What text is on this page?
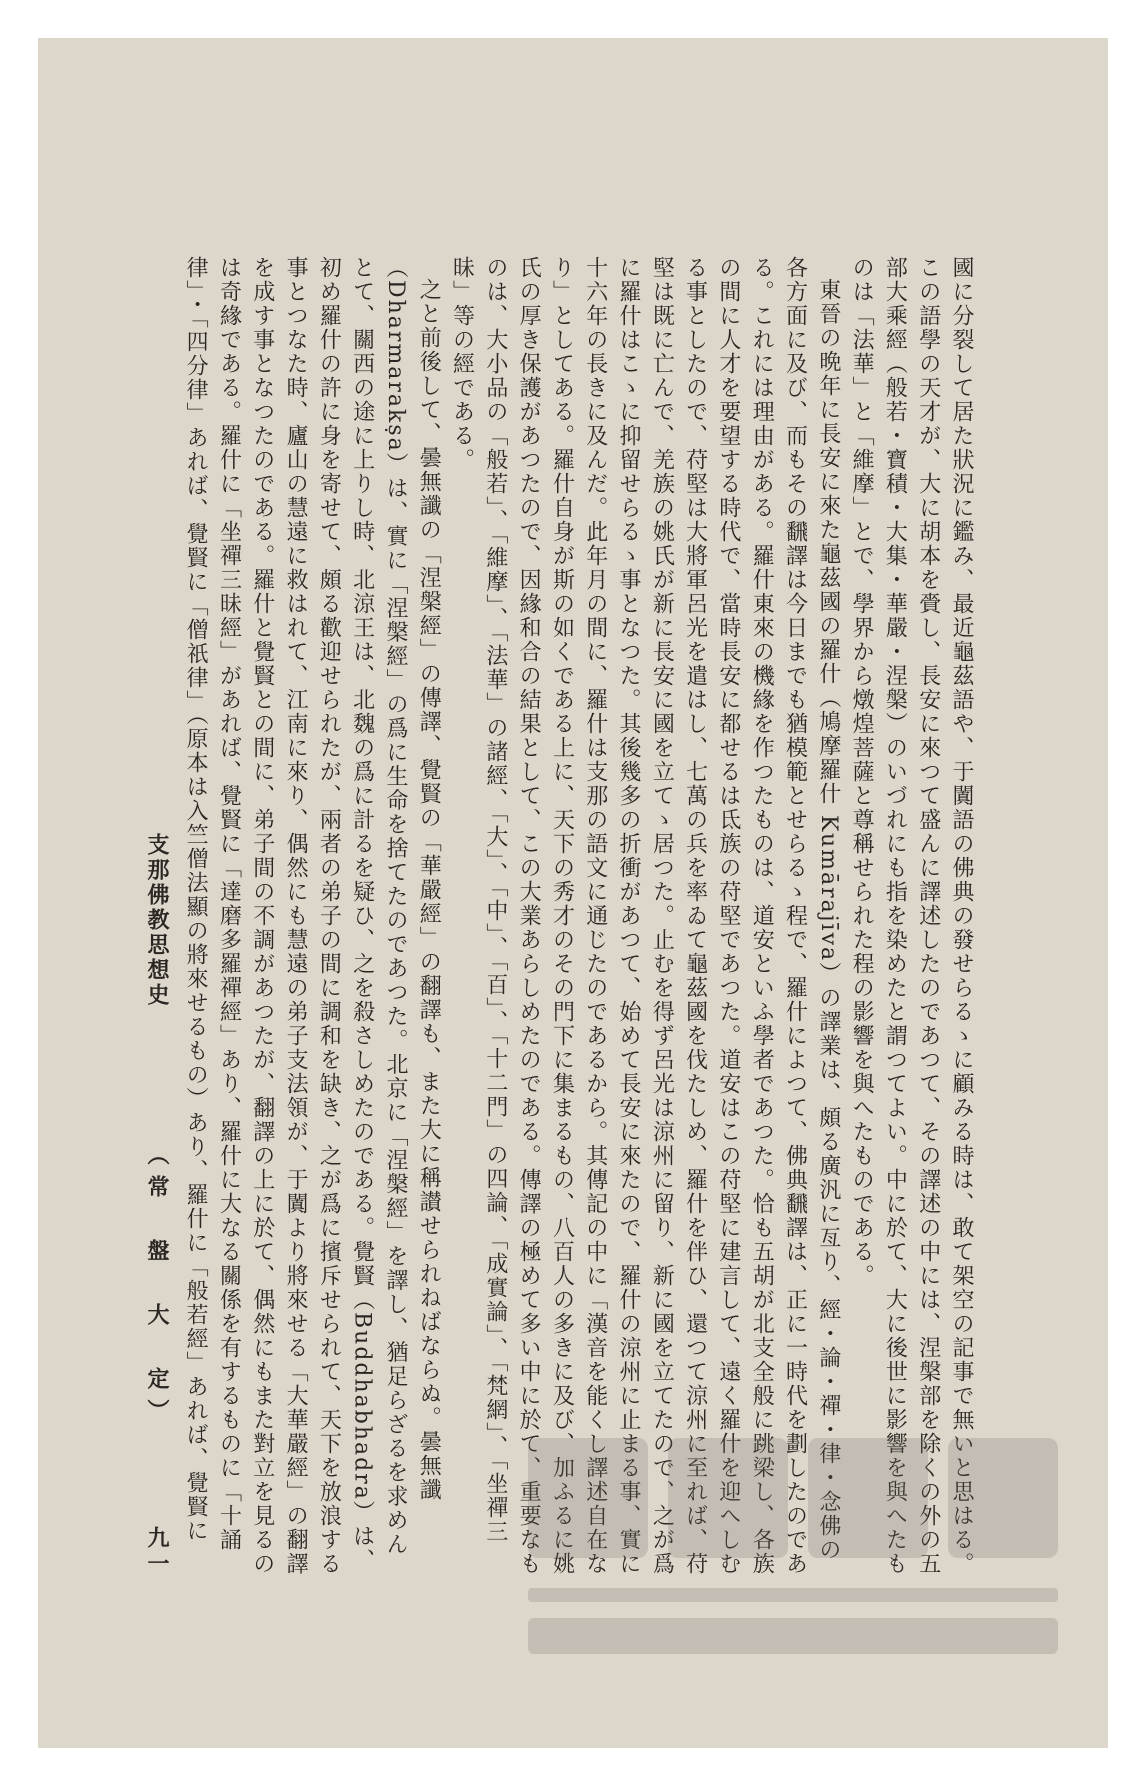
國に分裂して居た狀況に鑑み、最近龜茲語や、于闐語の佛典の發せらるゝに顧みる時は、敢て架空の記事で無いと思はる。この語學の天才が、大に胡本を賫し、長安に來つて盛んに譯述したのであつて、その譯述の中には、涅槃部を除くの外の五部大乘經（般若・寶積・大集・華嚴・涅槃）のいづれにも指を染めたと謂つてよい。中に於て、大に後世に影響を與へたものは「法華」と「維摩」とで、學界から燉煌菩薩と尊稱せられた程の影響を與へたものである。

東晉の晩年に長安に來た龜茲國の羅什（鳩摩羅什 Kumārajīva）の譯業は、頗る廣汎に亙り、經・論・禪・律・念佛の各方面に及び、而もその飜譯は今日までも猶模範とせらるゝ程で、羅什によつて、佛典飜譯は、正に一時代を劃したのである。これには理由がある。羅什東來の機緣を作つたものは、道安といふ學者であつた。恰も五胡が北支全般に跳梁し、各族の間に人才を要望する時代で、當時長安に都せるは氐族の苻堅であつた。道安はこの苻堅に建言して、遠く羅什を迎へしむる事としたので、苻堅は大將軍呂光を遣はし、七萬の兵を率ゐて龜茲國を伐たしめ、羅什を伴ひ、還つて涼州に至れば、苻堅は既に亡んで、羌族の姚氏が新に長安に國を立てゝ居つた。止むを得ず呂光は涼州に留り、新に國を立てたので、之が爲に羅什はこゝに抑留せらるゝ事となつた。其後幾多の折衝があつて、始めて長安に來たので、羅什の涼州に止まる事、實に十六年の長きに及んだ。此年月の間に、羅什は支那の語文に通じたのであるから。其傳記の中に「漢音を能くし譯述自在なり」としてある。羅什自身が斯の如くである上に、天下の秀才のその門下に集まるもの、八百人の多きに及び、加ふるに姚氏の厚き保護があつたので、因緣和合の結果として、この大業あらしめたのである。傳譯の極めて多い中に於て、重要なものは、大小品の「般若」、「維摩」、「法華」の諸經、「大」、「中」、「百」、「十二門」の四論、「成實論」、「梵網」、「坐禪三昧」等の經である。

之と前後して、曇無讖の「涅槃經」の傳譯、覺賢の「華嚴經」の翻譯も、また大に稱讃せられねばならぬ。曇無讖（Dharmarakṣa）は、實に「涅槃經」の爲に生命を捨てたのであつた。北京に「涅槃經」を譯し、猶足らざるを求めんとて、關西の途に上りし時、北涼王は、北魏の爲に計るを疑ひ、之を殺さしめたのである。覺賢（Buddhabhadra）は、初め羅什の許に身を寄せて、頗る歡迎せられたが、兩者の弟子の間に調和を缺き、之が爲に擯斥せられて、天下を放浪する事とつなた時、廬山の慧遠に救はれて、江南に來り、偶然にも慧遠の弟子支法領が、于闐より將來せる「大華嚴經」の翻譯を成す事となつたのである。羅什と覺賢との間に、弟子間の不調があつたが、翻譯の上に於て、偶然にもまた對立を見るのは奇緣である。羅什に「坐禪三昧經」があれば、覺賢に「達磨多羅禪經」あり、羅什に大なる關係を有するものに「十誦律」・「四分律」あれば、覺賢に「僧祇律」（原本は入竺僧法顯の將來せるもの）あり、羅什に「般若經」あれば、覺賢に

支那佛教思想史
（常　盤　大　定）
九一
